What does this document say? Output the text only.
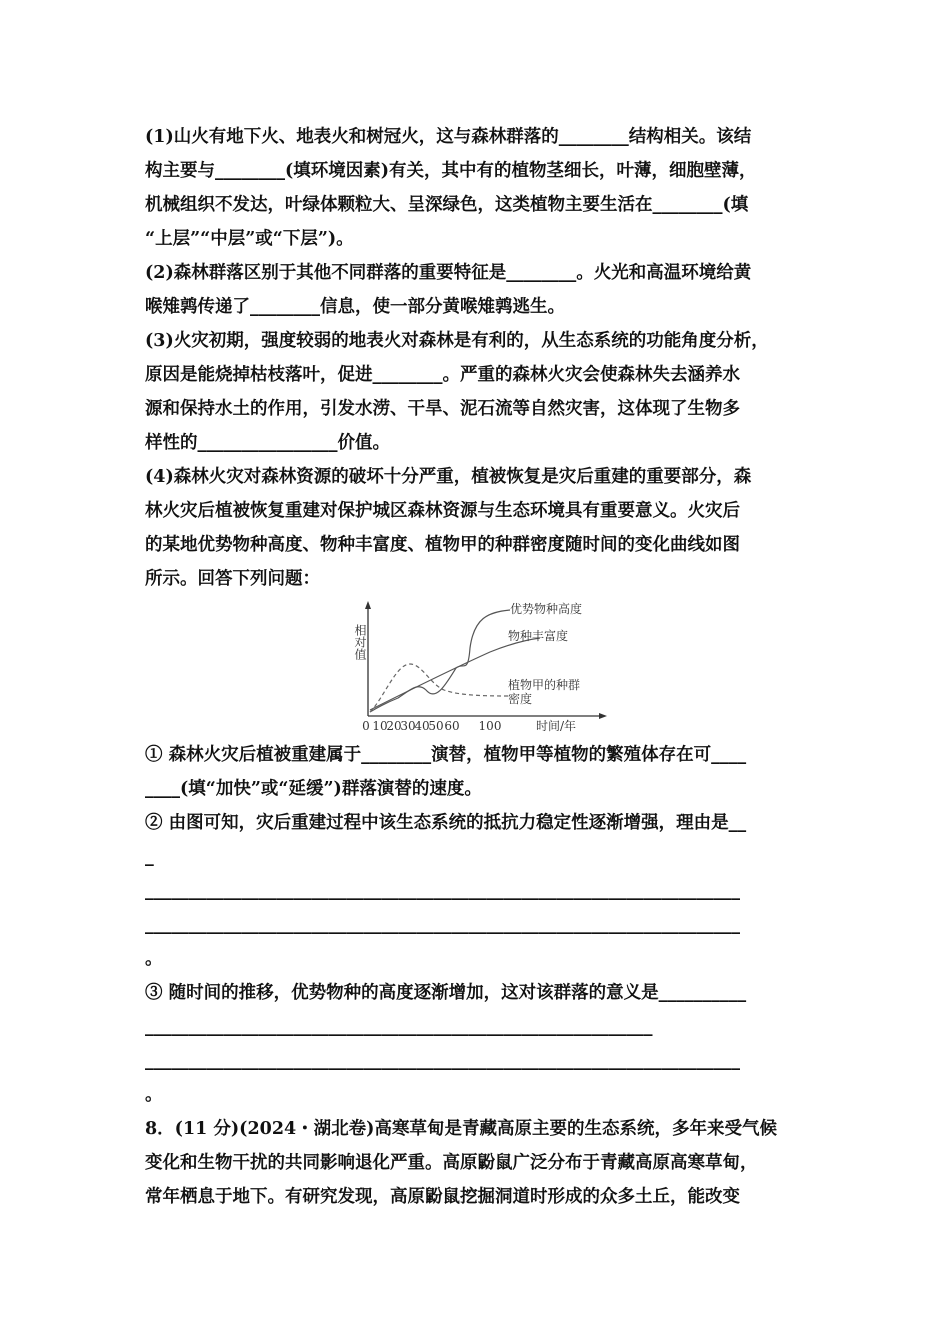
(1)山火有地下火、地表火和树冠火，这与森林群落的________结构相关。该结
构主要与________(填环境因素)有关，其中有的植物茎细长，叶薄，细胞壁薄，
机械组织不发达，叶绿体颗粒大、呈深绿色，这类植物主要生活在________(填
“上层”“中层”或“下层”)。
(2)森林群落区别于其他不同群落的重要特征是________。火光和高温环境给黄
喉雉鹑传递了________信息，使一部分黄喉雉鹑逃生。
(3)火灾初期，强度较弱的地表火对森林是有利的，从生态系统的功能角度分析，
原因是能烧掉枯枝落叶，促进________。严重的森林火灾会使森林失去涵养水
源和保持水土的作用，引发水涝、干旱、泥石流等自然灾害，这体现了生物多
样性的________________价值。
(4)森林火灾对森林资源的破坏十分严重，植被恢复是灾后重建的重要部分，森
林火灾后植被恢复重建对保护城区森林资源与生态环境具有重要意义。火灾后
的某地优势物种高度、物种丰富度、植物甲的种群密度随时间的变化曲线如图
所示。回答下列问题：
相对值
优势物种高度
物种丰富度
植物甲的种群
密度
0 10
20
30
40
50 60 100	时间/年
① 森林火灾后植被重建属于________演替，植物甲等植物的繁殖体存在可____
____(填“加快”或“延缓”)群落演替的速度。
② 由图可知，灾后重建过程中该生态系统的抵抗力稳定性逐渐增强，理由是__
_
____________________________________________________________________
____________________________________________________________________
。
③ 随时间的推移，优势物种的高度逐渐增加，这对该群落的意义是__________
__________________________________________________________
____________________________________________________________________
。
8．(11 分)(2024・湖北卷)高寒草甸是青藏高原主要的生态系统，多年来受气候
变化和生物干扰的共同影响退化严重。高原鼢鼠广泛分布于青藏高原高寒草甸，
常年栖息于地下。有研究发现，高原鼢鼠挖掘洞道时形成的众多土丘，能改变
